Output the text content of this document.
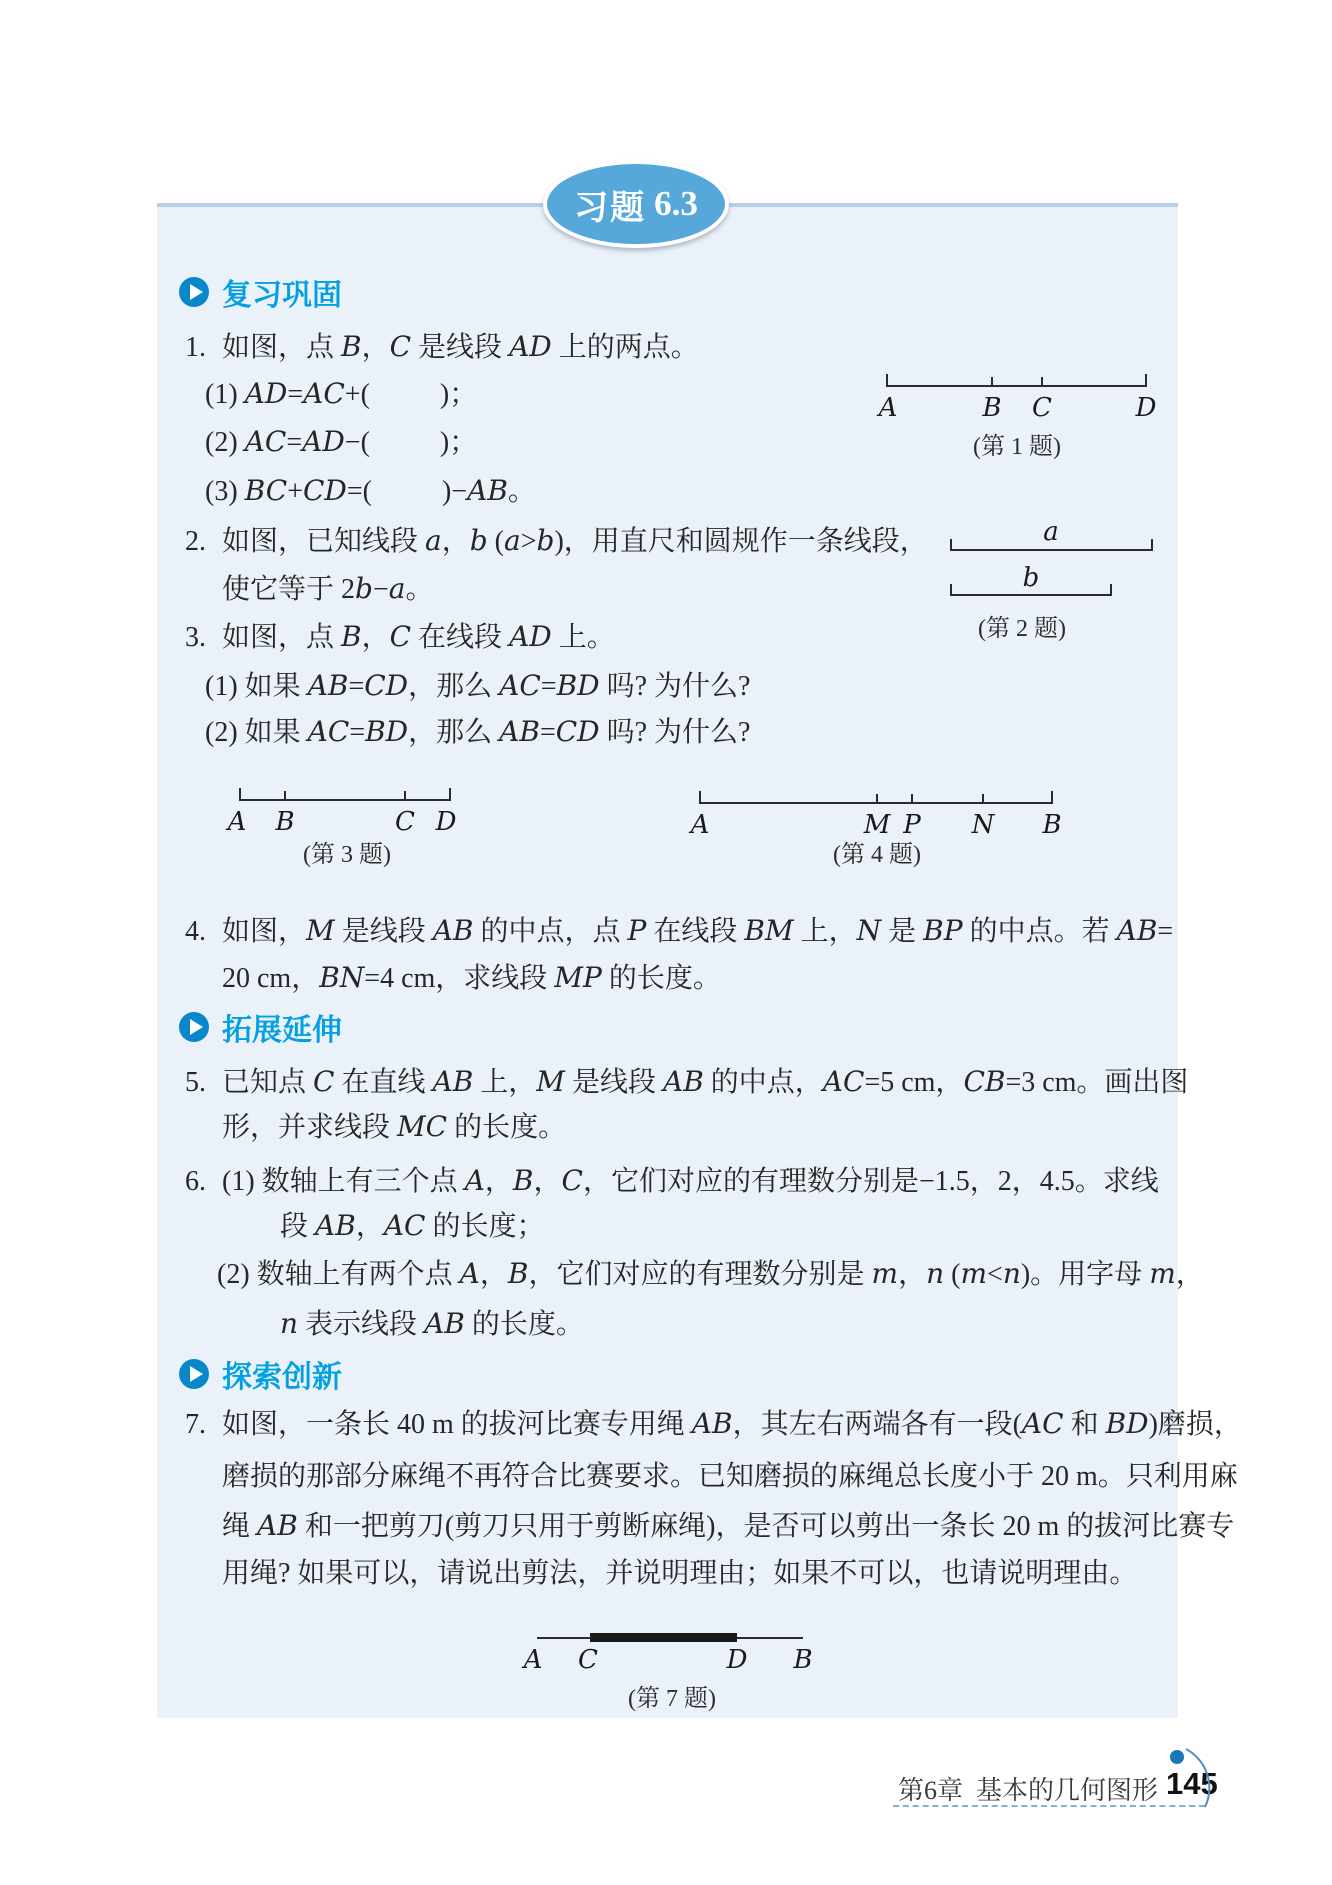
习题 6.3
复习巩固
1. 如图，点 B，C 是线段 AD 上的两点。
(1) AD=AC+(          )；
(2) AC=AD−(          )；
(3) BC+CD=(          )−AB。
A	B C	D
(第 1 题)
2. 如图，已知线段 a，b (a>b)，用直尺和圆规作一条线段，
使它等于 2b−a。
a
b
(第 2 题)
3. 如图，点 B，C 在线段 AD 上。
(1) 如果 AB=CD，那么 AC=BD 吗? 为什么?
(2) 如果 AC=BD，那么 AB=CD 吗? 为什么?
A B	C D
(第 3 题)
A	M P N B
(第 4 题)
4. 如图，M 是线段 AB 的中点，点 P 在线段 BM 上，N 是 BP 的中点。若 AB=
20 cm，BN=4 cm，求线段 MP 的长度。
拓展延伸
5. 已知点 C 在直线 AB 上，M 是线段 AB 的中点，AC=5 cm，CB=3 cm。画出图
形，并求线段 MC 的长度。
6. (1) 数轴上有三个点 A，B，C，它们对应的有理数分别是−1.5，2，4.5。求线
段 AB，AC 的长度；
(2) 数轴上有两个点 A，B，它们对应的有理数分别是 m，n (m<n)。用字母 m，
n 表示线段 AB 的长度。
探索创新
7. 如图，一条长 40 m 的拔河比赛专用绳 AB，其左右两端各有一段(AC 和 BD)磨损，
磨损的那部分麻绳不再符合比赛要求。已知磨损的麻绳总长度小于 20 m。只利用麻
绳 AB 和一把剪刀(剪刀只用于剪断麻绳)，是否可以剪出一条长 20 m 的拔河比赛专
用绳? 如果可以，请说出剪法，并说明理由；如果不可以，也请说明理由。
A C	D B
(第 7 题)
第6章  基本的几何图形 145
